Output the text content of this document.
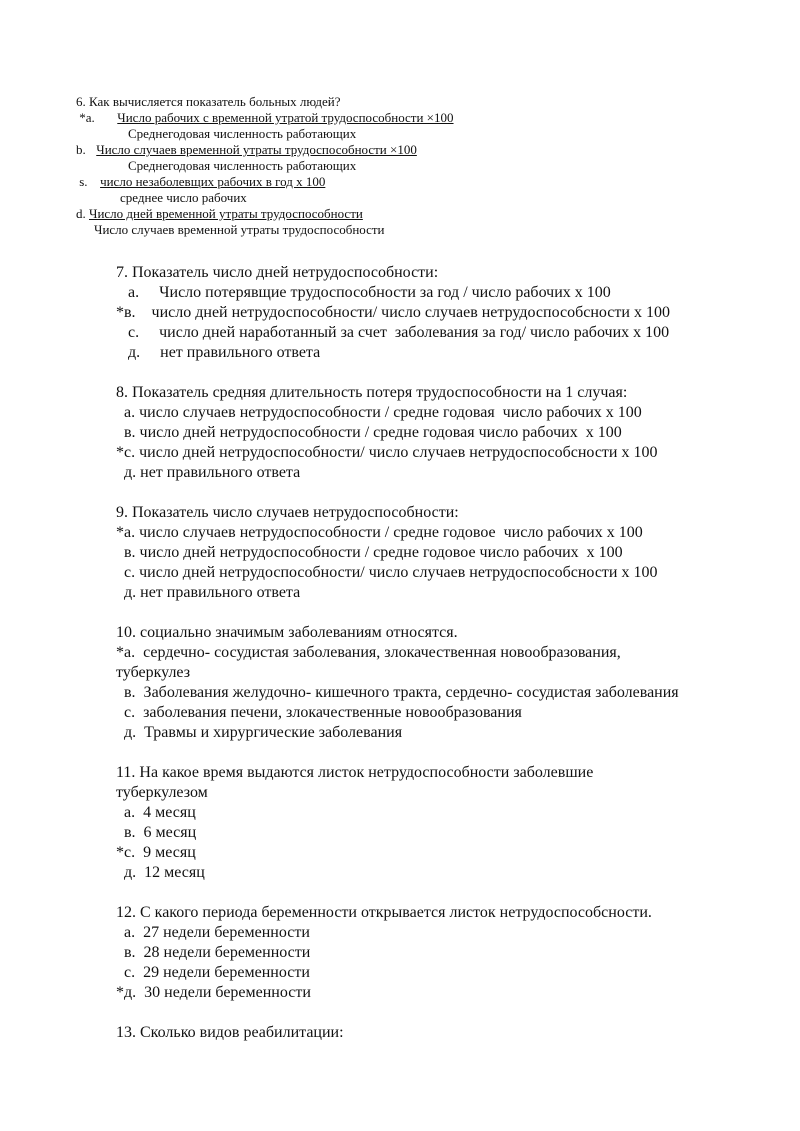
6. Как вычисляется показатель больных людей?
*a. Число рабочих с временной утратой трудоспособности ×100
Среднегодовая численность работающих
b. Число случаев временной утраты трудоспособности ×100
Среднегодовая численность работающих
s. число незаболевщих рабочих в год х 100
среднее число рабочих
d. Число дней временной утраты трудоспособности
Число случаев временной утраты трудоспособности
7. Показатель число дней нетрудоспособности:
а.     Число потерявщие трудоспособности за год / число рабочих х 100
*в.    число дней нетрудоспособности/ число случаев нетрудоспособсности х 100
с.     число дней наработанный за счет  заболевания за год/ число рабочих х 100
д.     нет правильного ответа
8. Показатель средняя длительность потеря трудоспособности на 1 случая:
а. число случаев нетрудоспособности / средне годовая  число рабочих х 100
в. число дней нетрудоспособности / средне годовая число рабочих  х 100
*с. число дней нетрудоспособности/ число случаев нетрудоспособсности х 100
д. нет правильного ответа
9. Показатель число случаев нетрудоспособности:
*а. число случаев нетрудоспособности / средне годовое  число рабочих х 100
в. число дней нетрудоспособности / средне годовое число рабочих  х 100
с. число дней нетрудоспособности/ число случаев нетрудоспособсности х 100
д. нет правильного ответа
10. социально значимым заболеваниям относятся.
*а.  сердечно- сосудистая заболевания, злокачественная новообразования, туберкулез
в.  Заболевания желудочно- кишечного тракта, сердечно- сосудистая заболевания
с.  заболевания печени, злокачественные новообразования
д.  Травмы и хирургические заболевания
11. На какое время выдаются листок нетрудоспособности заболевшие туберкулезом
а.  4 месяц
в.  6 месяц
*с.  9 месяц
д.  12 месяц
12. С какого периода беременности открывается листок нетрудоспособсности.
а.  27 недели беременности
в.  28 недели беременности
с.  29 недели беременности
*д.  30 недели беременности
13. Сколько видов реабилитации:
